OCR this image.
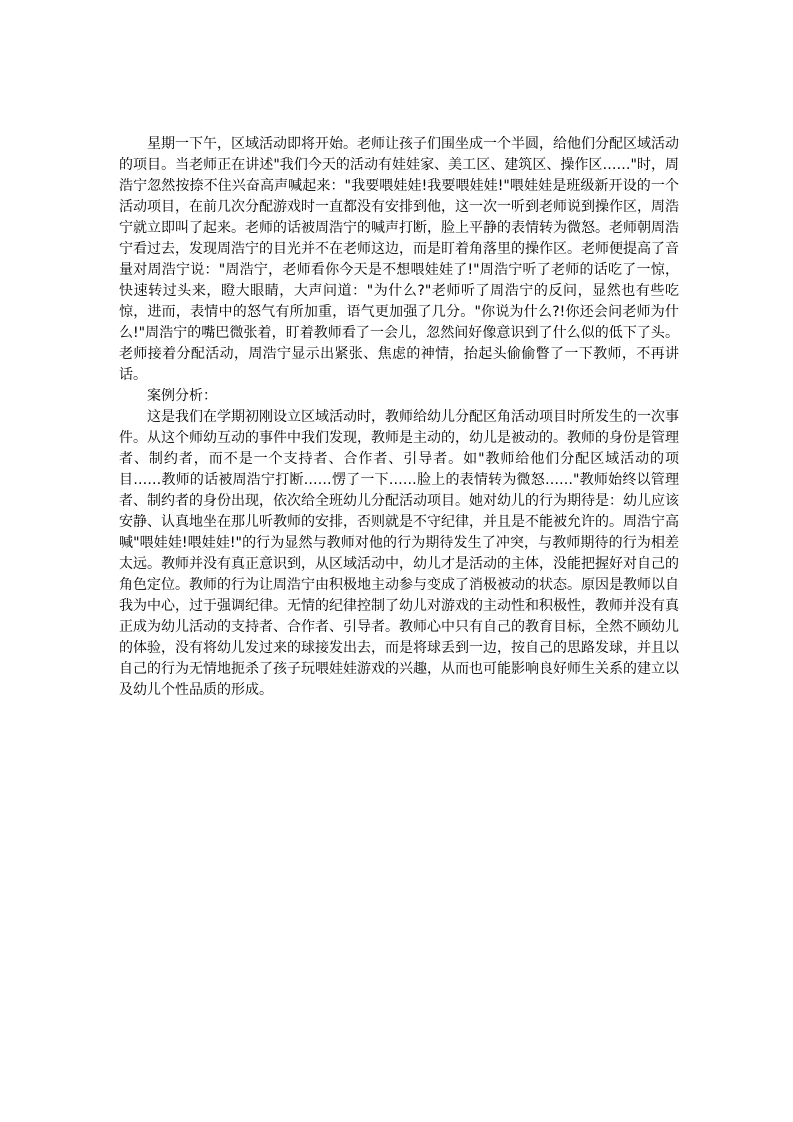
星期一下午，区域活动即将开始。老师让孩子们围坐成一个半圆，给他们分配区域活动的项目。当老师正在讲述"我们今天的活动有娃娃家、美工区、建筑区、操作区……"时，周浩宁忽然按捺不住兴奋高声喊起来："我要喂娃娃!我要喂娃娃!"喂娃娃是班级新开设的一个活动项目，在前几次分配游戏时一直都没有安排到他，这一次一听到老师说到操作区，周浩宁就立即叫了起来。老师的话被周浩宁的喊声打断，脸上平静的表情转为微怒。老师朝周浩宁看过去，发现周浩宁的目光并不在老师这边，而是盯着角落里的操作区。老师便提高了音量对周浩宁说："周浩宁，老师看你今天是不想喂娃娃了!"周浩宁听了老师的话吃了一惊，快速转过头来，瞪大眼睛，大声问道："为什么?"老师听了周浩宁的反问，显然也有些吃惊，进而，表情中的怒气有所加重，语气更加强了几分。"你说为什么?!你还会问老师为什么!"周浩宁的嘴巴微张着，盯着教师看了一会儿，忽然间好像意识到了什么似的低下了头。老师接着分配活动，周浩宁显示出紧张、焦虑的神情，抬起头偷偷瞥了一下教师，不再讲话。

案例分析：

这是我们在学期初刚设立区域活动时，教师给幼儿分配区角活动项目时所发生的一次事件。从这个师幼互动的事件中我们发现，教师是主动的，幼儿是被动的。教师的身份是管理者、制约者，而不是一个支持者、合作者、引导者。如"教师给他们分配区域活动的项目……教师的话被周浩宁打断……愣了一下……脸上的表情转为微怒……"教师始终以管理者、制约者的身份出现，依次给全班幼儿分配活动项目。她对幼儿的行为期待是：幼儿应该安静、认真地坐在那儿听教师的安排，否则就是不守纪律，并且是不能被允许的。周浩宁高喊"喂娃娃!喂娃娃!"的行为显然与教师对他的行为期待发生了冲突，与教师期待的行为相差太远。教师并没有真正意识到，从区域活动中，幼儿才是活动的主体，没能把握好对自己的角色定位。教师的行为让周浩宁由积极地主动参与变成了消极被动的状态。原因是教师以自我为中心，过于强调纪律。无情的纪律控制了幼儿对游戏的主动性和积极性，教师并没有真正成为幼儿活动的支持者、合作者、引导者。教师心中只有自己的教育目标，全然不顾幼儿的体验，没有将幼儿发过来的球接发出去，而是将球丢到一边，按自己的思路发球，并且以自己的行为无情地扼杀了孩子玩喂娃娃游戏的兴趣，从而也可能影响良好师生关系的建立以及幼儿个性品质的形成。
